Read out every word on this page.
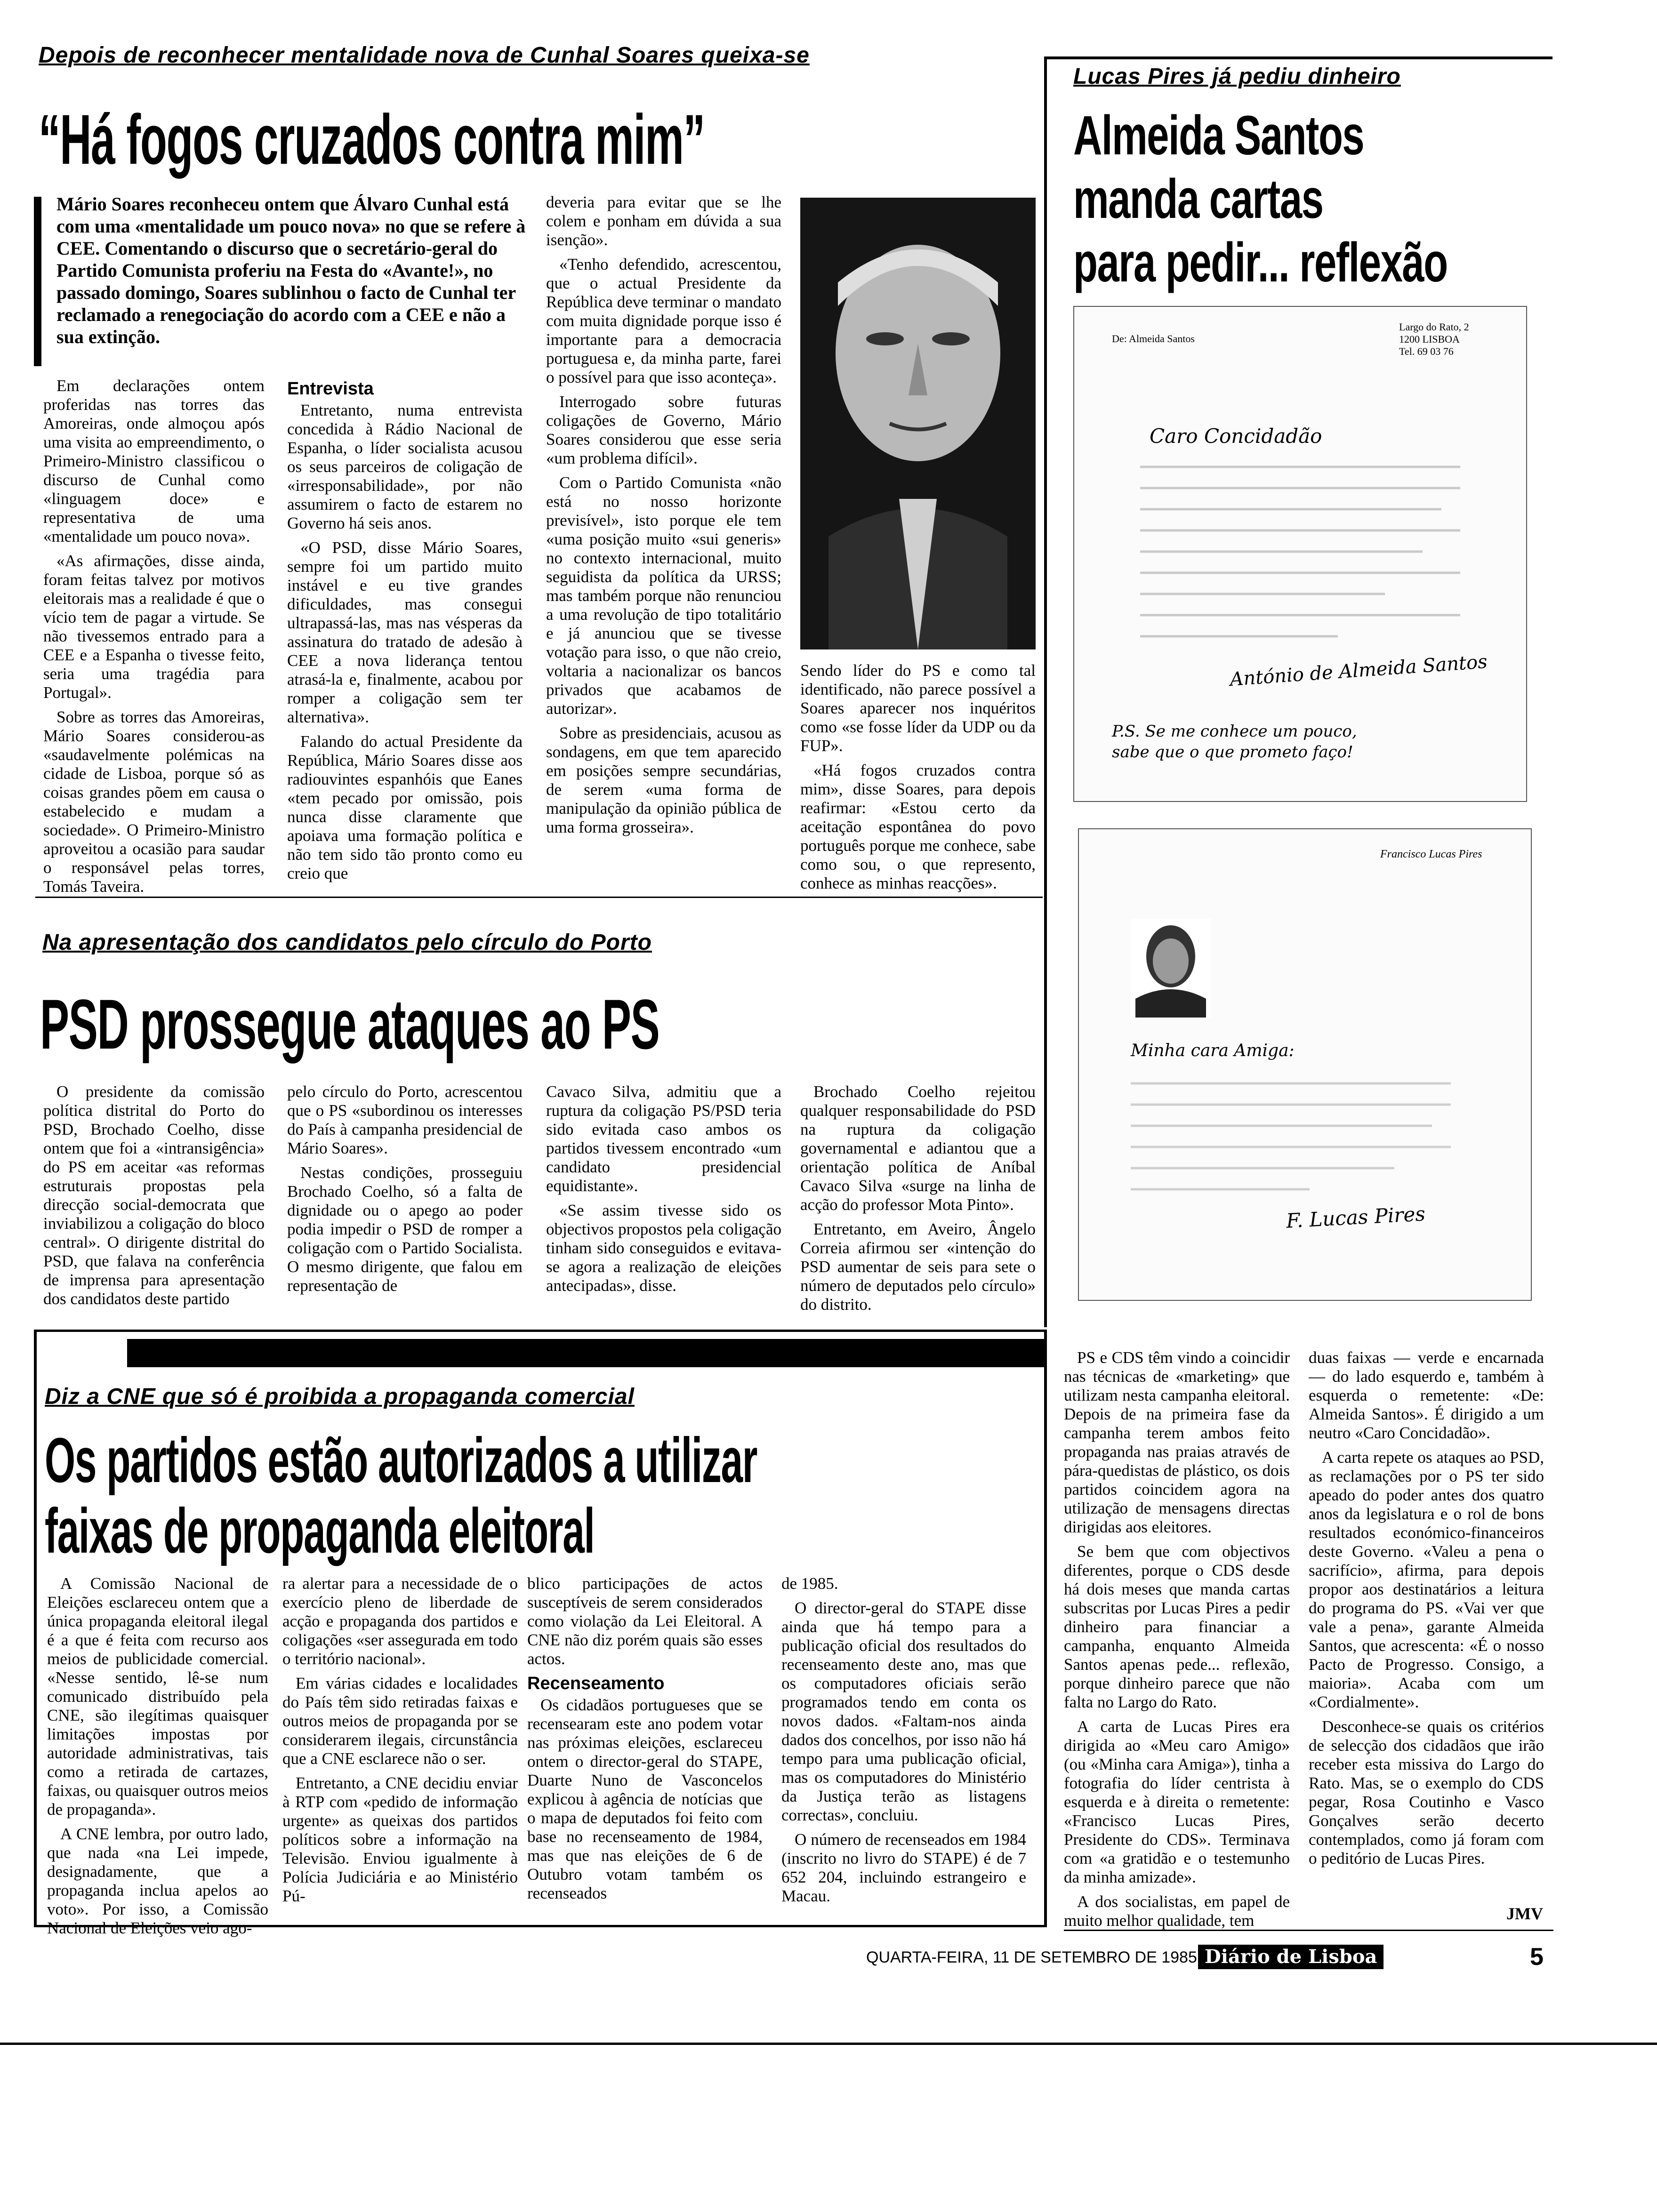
Depois de reconhecer mentalidade nova de Cunhal Soares queixa-se
“Há fogos cruzados contra mim”
Mário Soares reconheceu ontem que Álvaro Cunhal está com uma «mentalidade um pouco nova» no que se refere à CEE. Comentando o discurso que o secretário-geral do Partido Comunista proferiu na Festa do «Avante!», no passado domingo, Soares sublinhou o facto de Cunhal ter reclamado a renegociação do acordo com a CEE e não a sua extinção.

Em declarações ontem proferidas nas torres das Amoreiras, onde almoçou após uma visita ao empreendimento, o Primeiro-Ministro classificou o discurso de Cunhal como «linguagem doce» e representativa de uma «mentalidade um pouco nova».

«As afirmações, disse ainda, foram feitas talvez por motivos eleitorais mas a realidade é que o vício tem de pagar a virtude. Se não tivessemos entrado para a CEE e a Espanha o tivesse feito, seria uma tragédia para Portugal».

Sobre as torres das Amoreiras, Mário Soares considerou-as «saudavelmente polémicas na cidade de Lisboa, porque só as coisas grandes põem em causa o estabelecido e mudam a sociedade». O Primeiro-Ministro aproveitou a ocasião para saudar o responsável pelas torres, Tomás Taveira.

Entrevista

Entretanto, numa entrevista concedida à Rádio Nacional de Espanha, o líder socialista acusou os seus parceiros de coligação de «irresponsabilidade», por não assumirem o facto de estarem no Governo há seis anos.

«O PSD, disse Mário Soares, sempre foi um partido muito instável e eu tive grandes dificuldades, mas consegui ultrapassá-las, mas nas vésperas da assinatura do tratado de adesão à CEE a nova liderança tentou atrasá-la e, finalmente, acabou por romper a coligação sem ter alternativa».

Falando do actual Presidente da República, Mário Soares disse aos radiouvintes espanhóis que Eanes «tem pecado por omissão, pois nunca disse claramente que apoiava uma formação política e não tem sido tão pronto como eu creio que

deveria para evitar que se lhe colem e ponham em dúvida a sua isenção».

«Tenho defendido, acrescentou, que o actual Presidente da República deve terminar o mandato com muita dignidade porque isso é importante para a democracia portuguesa e, da minha parte, farei o possível para que isso aconteça».

Interrogado sobre futuras coligações de Governo, Mário Soares considerou que esse seria «um problema difícil».

Com o Partido Comunista «não está no nosso horizonte previsível», isto porque ele tem «uma posição muito «sui generis» no contexto internacional, muito seguidista da política da URSS; mas também porque não renunciou a uma revolução de tipo totalitário e já anunciou que se tivesse votação para isso, o que não creio, voltaria a nacionalizar os bancos privados que acabamos de autorizar».

Sobre as presidenciais, acusou as sondagens, em que tem aparecido em posições sempre secundárias, de serem «uma forma de manipulação da opinião pública de uma forma grosseira».

Sendo líder do PS e como tal identificado, não parece possível a Soares aparecer nos inquéritos como «se fosse líder da UDP ou da FUP».

«Há fogos cruzados contra mim», disse Soares, para depois reafirmar: «Estou certo da aceitação espontânea do povo português porque me conhece, sabe como sou, o que represento, conhece as minhas reacções».

Lucas Pires já pediu dinheiro
Almeida Santos
manda cartas
para pedir... reflexão
De: Almeida Santos
Largo do Rato, 2
1200 LISBOA
Tel. 69 03 76
Caro Concidadão
António de Almeida Santos
P.S. Se me conhece um pouco, sabe que o que prometo faço!
Francisco Lucas Pires
Minha cara Amiga:
F. Lucas Pires
Na apresentação dos candidatos pelo círculo do Porto
PSD prossegue ataques ao PS

O presidente da comissão política distrital do Porto do PSD, Brochado Coelho, disse ontem que foi a «intransigência» do PS em aceitar «as reformas estruturais propostas pela direcção social-democrata que inviabilizou a coligação do bloco central». O dirigente distrital do PSD, que falava na conferência de imprensa para apresentação dos candidatos deste partido

pelo círculo do Porto, acrescentou que o PS «subordinou os interesses do País à campanha presidencial de Mário Soares».

Nestas condições, prosseguiu Brochado Coelho, só a falta de dignidade ou o apego ao poder podia impedir o PSD de romper a coligação com o Partido Socialista. O mesmo dirigente, que falou em representação de

Cavaco Silva, admitiu que a ruptura da coligação PS/PSD teria sido evitada caso ambos os partidos tivessem encontrado «um candidato presidencial equidistante».

«Se assim tivesse sido os objectivos propostos pela coligação tinham sido conseguidos e evitava-se agora a realização de eleições antecipadas», disse.

Brochado Coelho rejeitou qualquer responsabilidade do PSD na ruptura da coligação governamental e adiantou que a orientação política de Aníbal Cavaco Silva «surge na linha de acção do professor Mota Pinto».

Entretanto, em Aveiro, Ângelo Correia afirmou ser «intenção do PSD aumentar de seis para sete o número de deputados pelo círculo» do distrito.

Diz a CNE que só é proibida a propaganda comercial
Os partidos estão autorizados a utilizar
faixas de propaganda eleitoral

A Comissão Nacional de Eleições esclareceu ontem que a única propaganda eleitoral ilegal é a que é feita com recurso aos meios de publicidade comercial. «Nesse sentido, lê-se num comunicado distribuído pela CNE, são ilegítimas quaisquer limitações impostas por autoridade administrativas, tais como a retirada de cartazes, faixas, ou quaisquer outros meios de propaganda».

A CNE lembra, por outro lado, que nada «na Lei impede, designadamente, que a propaganda inclua apelos ao voto». Por isso, a Comissão Nacional de Eleições veio ago-

ra alertar para a necessidade de o exercício pleno de liberdade de acção e propaganda dos partidos e coligações «ser assegurada em todo o território nacional».

Em várias cidades e localidades do País têm sido retiradas faixas e outros meios de propaganda por se considerarem ilegais, circunstância que a CNE esclarece não o ser.

Entretanto, a CNE decidiu enviar à RTP com «pedido de informação urgente» as queixas dos partidos políticos sobre a informação na Televisão. Enviou igualmente à Polícia Judiciária e ao Ministério Pú-

blico participações de actos susceptíveis de serem considerados como violação da Lei Eleitoral. A CNE não diz porém quais são esses actos.

Recenseamento

Os cidadãos portugueses que se recensearam este ano podem votar nas próximas eleições, esclareceu ontem o director-geral do STAPE, Duarte Nuno de Vasconcelos explicou à agência de notícias que o mapa de deputados foi feito com base no recenseamento de 1984, mas que nas eleições de 6 de Outubro votam também os recenseados

de 1985.

O director-geral do STAPE disse ainda que há tempo para a publicação oficial dos resultados do recenseamento deste ano, mas que os computadores oficiais serão programados tendo em conta os novos dados. «Faltam-nos ainda dados dos concelhos, por isso não há tempo para uma publicação oficial, mas os computadores do Ministério da Justiça terão as listagens correctas», concluiu.

O número de recenseados em 1984 (inscrito no livro do STAPE) é de 7 652 204, incluindo estrangeiro e Macau.

PS e CDS têm vindo a coincidir nas técnicas de «marketing» que utilizam nesta campanha eleitoral. Depois de na primeira fase da campanha terem ambos feito propaganda nas praias através de pára-quedistas de plástico, os dois partidos coincidem agora na utilização de mensagens directas dirigidas aos eleitores.

Se bem que com objectivos diferentes, porque o CDS desde há dois meses que manda cartas subscritas por Lucas Pires a pedir dinheiro para financiar a campanha, enquanto Almeida Santos apenas pede... reflexão, porque dinheiro parece que não falta no Largo do Rato.

A carta de Lucas Pires era dirigida ao «Meu caro Amigo» (ou «Minha cara Amiga»), tinha a fotografia do líder centrista à esquerda e à direita o remetente: «Francisco Lucas Pires, Presidente do CDS». Terminava com «a gratidão e o testemunho da minha amizade».

A dos socialistas, em papel de muito melhor qualidade, tem

duas faixas — verde e encarnada — do lado esquerdo e, também à esquerda o remetente: «De: Almeida Santos». É dirigido a um neutro «Caro Concidadão».

A carta repete os ataques ao PSD, as reclamações por o PS ter sido apeado do poder antes dos quatro anos da legislatura e o rol de bons resultados económico-financeiros deste Governo. «Valeu a pena o sacrifício», afirma, para depois propor aos destinatários a leitura do programa do PS. «Vai ver que vale a pena», garante Almeida Santos, que acrescenta: «É o nosso Pacto de Progresso. Consigo, a maioria». Acaba com um «Cordialmente».

Desconhece-se quais os critérios de selecção dos cidadãos que irão receber esta missiva do Largo do Rato. Mas, se o exemplo do CDS pegar, Rosa Coutinho e Vasco Gonçalves serão decerto contemplados, como já foram com o peditório de Lucas Pires.

JMV
QUARTA-FEIRA, 11 DE SETEMBRO DE 1985 Diário de Lisboa	5
